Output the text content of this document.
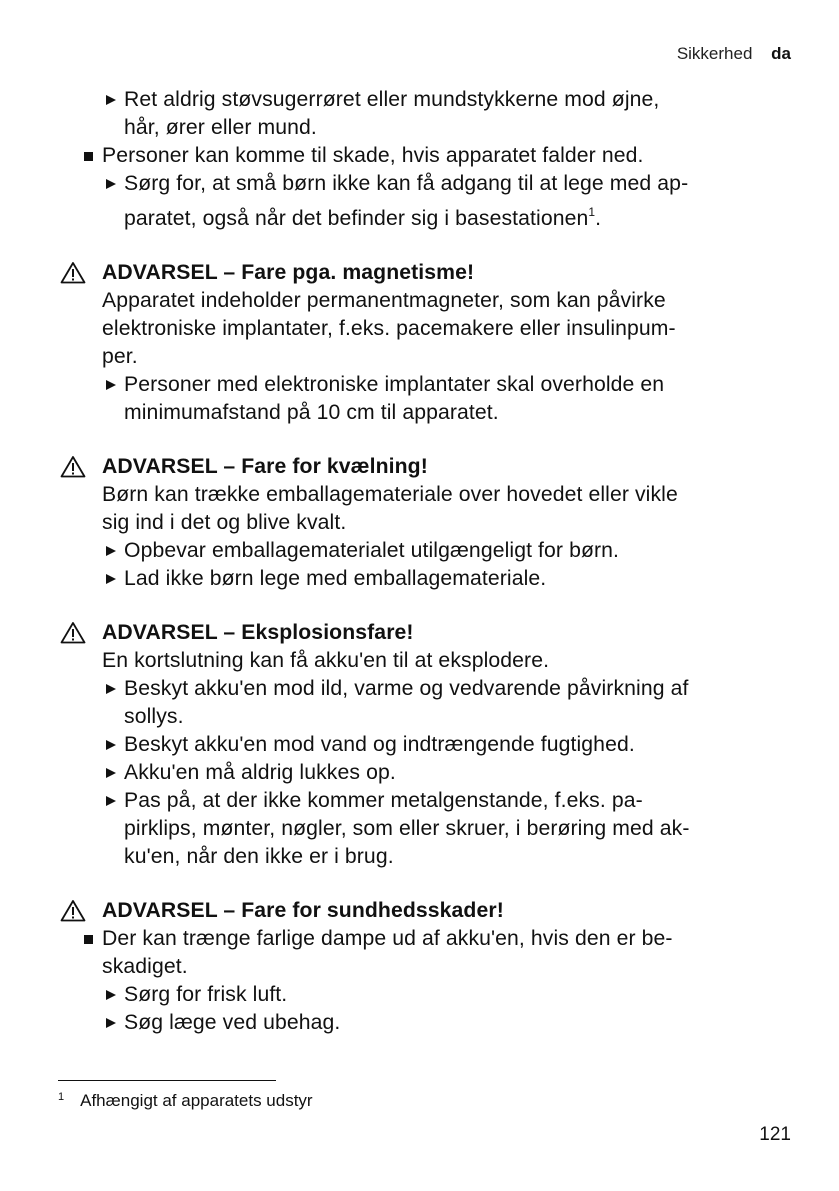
Sikkerhed da
Ret aldrig støvsugerrøret eller mundstykkerne mod øjne,
hår, ører eller mund.
Personer kan komme til skade, hvis apparatet falder ned.
Sørg for, at små børn ikke kan få adgang til at lege med ap-
paratet, også når det befinder sig i basestationen$^1$.
ADVARSEL – Fare pga. magnetisme!
Apparatet indeholder permanentmagneter, som kan påvirke
elektroniske implantater, f.eks. pacemakere eller insulinpum-
per.
Personer med elektroniske implantater skal overholde en
minimumafstand på 10 cm til apparatet.
ADVARSEL – Fare for kvælning!
Børn kan trække emballagemateriale over hovedet eller vikle
sig ind i det og blive kvalt.
Opbevar emballagematerialet utilgængeligt for børn.
Lad ikke børn lege med emballagemateriale.
ADVARSEL – Eksplosionsfare!
En kortslutning kan få akku'en til at eksplodere.
Beskyt akku'en mod ild, varme og vedvarende påvirkning af
sollys.
Beskyt akku'en mod vand og indtrængende fugtighed.
Akku'en må aldrig lukkes op.
Pas på, at der ikke kommer metalgenstande, f.eks. pa-
pirklips, mønter, nøgler, som eller skruer, i berøring med ak-
ku'en, når den ikke er i brug.
ADVARSEL – Fare for sundhedsskader!
Der kan trænge farlige dampe ud af akku'en, hvis den er be-
skadiget.
Sørg for frisk luft.
Søg læge ved ubehag.
$^1$ Afhængigt af apparatets udstyr
121
